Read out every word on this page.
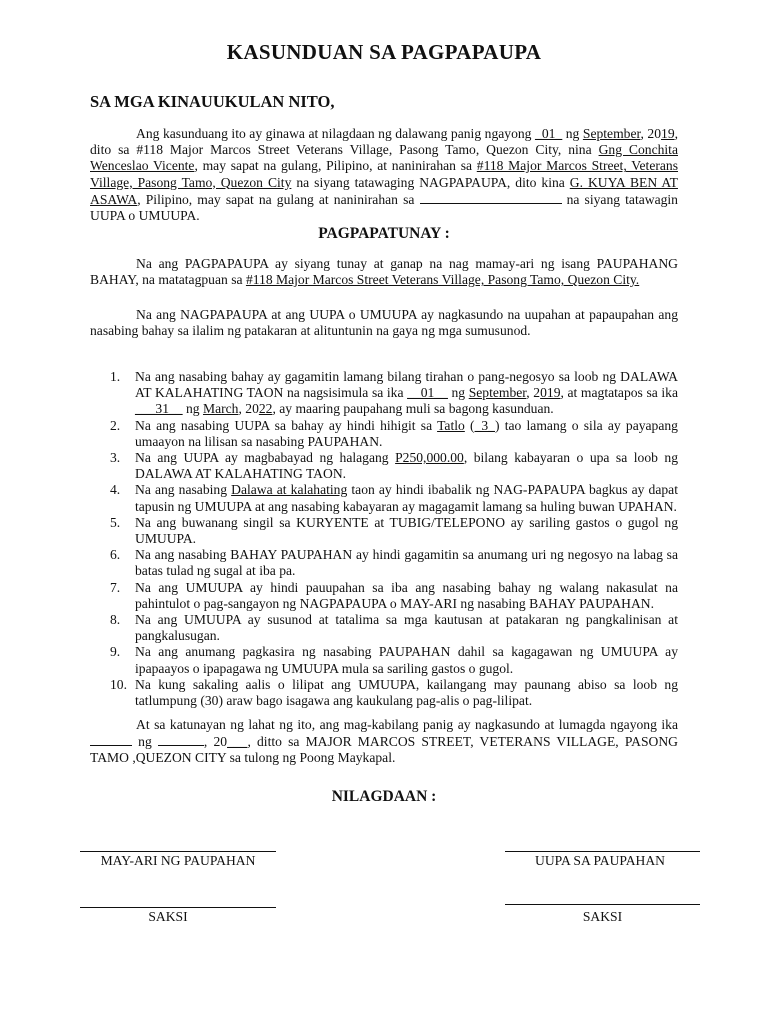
KASUNDUAN SA PAGPAPAUPA
SA MGA KINAUUKULAN NITO,

Ang kasunduang ito ay ginawa at nilagdaan ng dalawang panig ngayong _01_ ng September, 2019, dito sa #118 Major Marcos Street Veterans Village, Pasong Tamo, Quezon City, nina Gng Conchita Wenceslao Vicente, may sapat na gulang, Pilipino, at naninirahan sa #118 Major Marcos Street, Veterans Village, Pasong Tamo, Quezon City na siyang tatawaging NAGPAPAUPA, dito kina G. KUYA BEN AT ASAWA, Pilipino, may sapat na gulang at naninirahan sa	na siyang tatawagin UUPA o UMUUPA.

PAGPAPATUNAY :

Na ang PAGPAPAUPA ay siyang tunay at ganap na nag mamay-ari ng isang PAUPAHANG BAHAY, na matatagpuan sa #118 Major Marcos Street Veterans Village, Pasong Tamo, Quezon City.

Na ang NAGPAPAUPA at ang UUPA o UMUUPA ay nagkasundo na uupahan at papaupahan ang nasabing bahay sa ilalim ng patakaran at alituntunin na gaya ng mga sumusunod.

1. Na ang nasabing bahay ay gagamitin lamang bilang tirahan o pang-negosyo sa loob ng DALAWA AT KALAHATING TAON na nagsisimula sa ika __01__ ng September, 2019, at magtatapos sa ika ___31__ ng March, 2022, ay maaring paupahang muli sa bagong kasunduan.
2. Na ang nasabing UUPA sa bahay ay hindi hihigit sa Tatlo (_3_) tao lamang o sila ay payapang umaayon na lilisan sa nasabing PAUPAHAN.
3. Na ang UUPA ay magbabayad ng halagang P250,000.00, bilang kabayaran o upa sa loob ng DALAWA AT KALAHATING TAON.
4. Na ang nasabing Dalawa at kalahating taon ay hindi ibabalik ng NAG-PAPAUPA bagkus ay dapat tapusin ng UMUUPA at ang nasabing kabayaran ay magagamit lamang sa huling buwan UPAHAN.
5. Na ang buwanang singil sa KURYENTE at TUBIG/TELEPONO ay sariling gastos o gugol ng UMUUPA.
6. Na ang nasabing BAHAY PAUPAHAN ay hindi gagamitin sa anumang uri ng negosyo na labag sa batas tulad ng sugal at iba pa.
7. Na ang UMUUPA ay hindi pauupahan sa iba ang nasabing bahay ng walang nakasulat na pahintulot o pag-sangayon ng NAGPAPAUPA o MAY-ARI ng nasabing BAHAY PAUPAHAN.
8. Na ang UMUUPA ay susunod at tatalima sa mga kautusan at patakaran ng pangkalinisan at pangkalusugan.
9. Na ang anumang pagkasira ng nasabing PAUPAHAN dahil sa kagagawan ng UMUUPA ay ipapaayos o ipapagawa ng UMUUPA mula sa sariling gastos o gugol.
10. Na kung sakaling aalis o lilipat ang UMUUPA, kailangang may paunang abiso sa loob ng tatlumpung (30) araw bago isagawa ang kaukulang pag-alis o pag-lilipat.

At sa katunayan ng lahat ng ito, ang mag-kabilang panig ay nagkasundo at lumagda ngayong ika  ng	, 20___, ditto sa MAJOR MARCOS STREET, VETERANS VILLAGE, PASONG TAMO ,QUEZON CITY sa tulong ng Poong Maykapal.

NILAGDAAN :
MAY-ARI NG PAUPAHAN	UUPA SA PAUPAHAN
SAKSI	SAKSI
